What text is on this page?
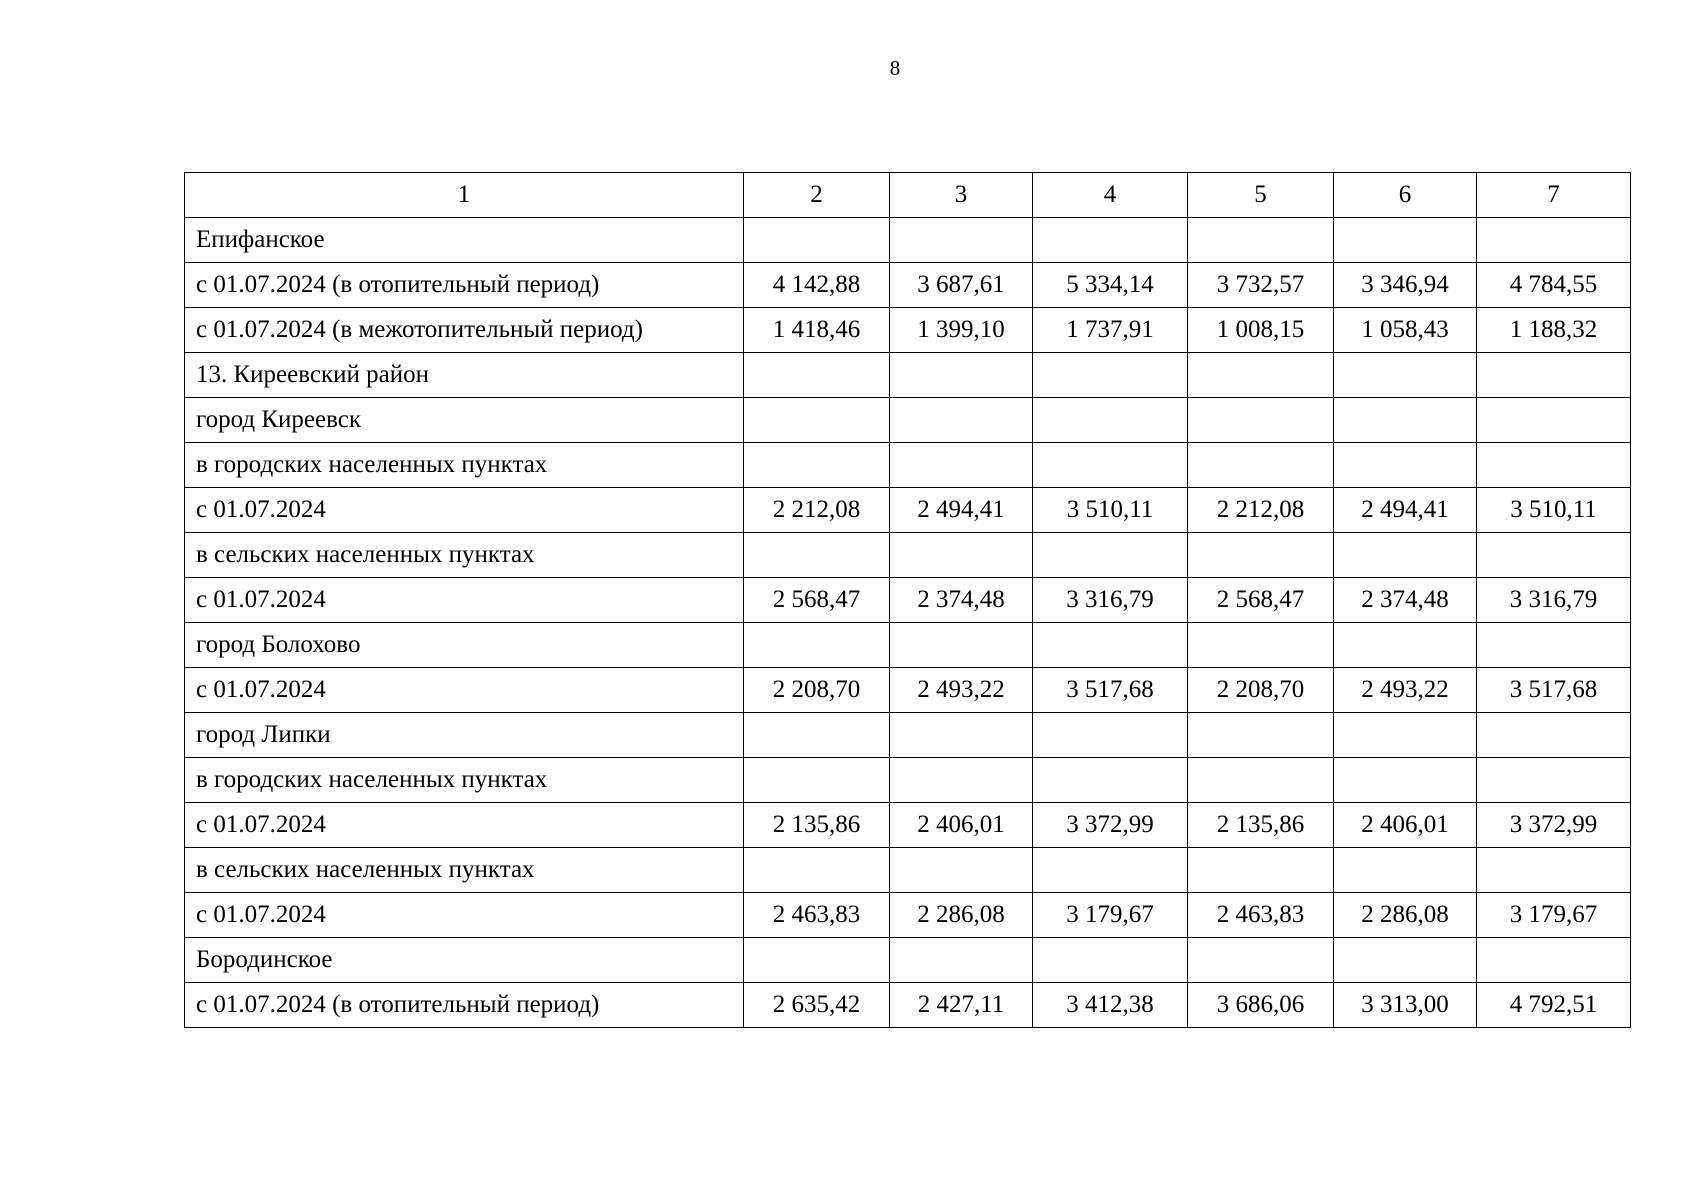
8
1	2	3	4	5	6	7
Епифанское						
с 01.07.2024 (в отопительный период)	4 142,88	3 687,61	5 334,14	3 732,57	3 346,94	4 784,55
с 01.07.2024 (в межотопительный период)	1 418,46	1 399,10	1 737,91	1 008,15	1 058,43	1 188,32
13. Киреевский район						
город Киреевск						
в городских населенных пунктах						
с 01.07.2024	2 212,08	2 494,41	3 510,11	2 212,08	2 494,41	3 510,11
в сельских населенных пунктах						
с 01.07.2024	2 568,47	2 374,48	3 316,79	2 568,47	2 374,48	3 316,79
город Болохово						
с 01.07.2024	2 208,70	2 493,22	3 517,68	2 208,70	2 493,22	3 517,68
город Липки						
в городских населенных пунктах						
с 01.07.2024	2 135,86	2 406,01	3 372,99	2 135,86	2 406,01	3 372,99
в сельских населенных пунктах						
с 01.07.2024	2 463,83	2 286,08	3 179,67	2 463,83	2 286,08	3 179,67
Бородинское						
с 01.07.2024 (в отопительный период)	2 635,42	2 427,11	3 412,38	3 686,06	3 313,00	4 792,51
